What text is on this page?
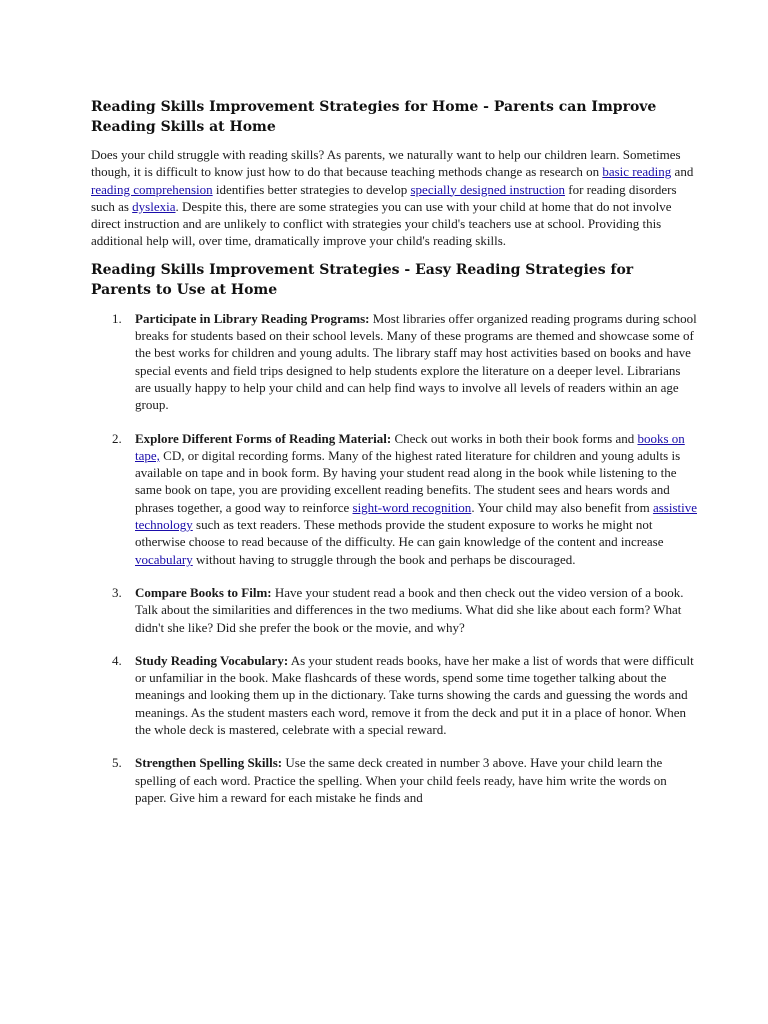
Reading Skills Improvement Strategies for Home - Parents can Improve Reading Skills at Home

Does your child struggle with reading skills? As parents, we naturally want to help our children learn. Sometimes though, it is difficult to know just how to do that because teaching methods change as research on basic reading and reading comprehension identifies better strategies to develop specially designed instruction for reading disorders such as dyslexia. Despite this, there are some strategies you can use with your child at home that do not involve direct instruction and are unlikely to conflict with strategies your child's teachers use at school. Providing this additional help will, over time, dramatically improve your child's reading skills.

Reading Skills Improvement Strategies - Easy Reading Strategies for Parents to Use at Home
1. Participate in Library Reading Programs: Most libraries offer organized reading programs during school breaks for students based on their school levels. Many of these programs are themed and showcase some of the best works for children and young adults. The library staff may host activities based on books and have special events and field trips designed to help students explore the literature on a deeper level. Librarians are usually happy to help your child and can help find ways to involve all levels of readers within an age group.
2. Explore Different Forms of Reading Material: Check out works in both their book forms and books on tape, CD, or digital recording forms. Many of the highest rated literature for children and young adults is available on tape and in book form. By having your student read along in the book while listening to the same book on tape, you are providing excellent reading benefits. The student sees and hears words and phrases together, a good way to reinforce sight-word recognition. Your child may also benefit from assistive technology such as text readers. These methods provide the student exposure to works he might not otherwise choose to read because of the difficulty. He can gain knowledge of the content and increase vocabulary without having to struggle through the book and perhaps be discouraged.
3. Compare Books to Film: Have your student read a book and then check out the video version of a book. Talk about the similarities and differences in the two mediums. What did she like about each form? What didn't she like? Did she prefer the book or the movie, and why?
4. Study Reading Vocabulary: As your student reads books, have her make a list of words that were difficult or unfamiliar in the book. Make flashcards of these words, spend some time together talking about the meanings and looking them up in the dictionary. Take turns showing the cards and guessing the words and meanings. As the student masters each word, remove it from the deck and put it in a place of honor. When the whole deck is mastered, celebrate with a special reward.
5. Strengthen Spelling Skills: Use the same deck created in number 3 above. Have your child learn the spelling of each word. Practice the spelling. When your child feels ready, have him write the words on paper. Give him a reward for each mistake he finds and
